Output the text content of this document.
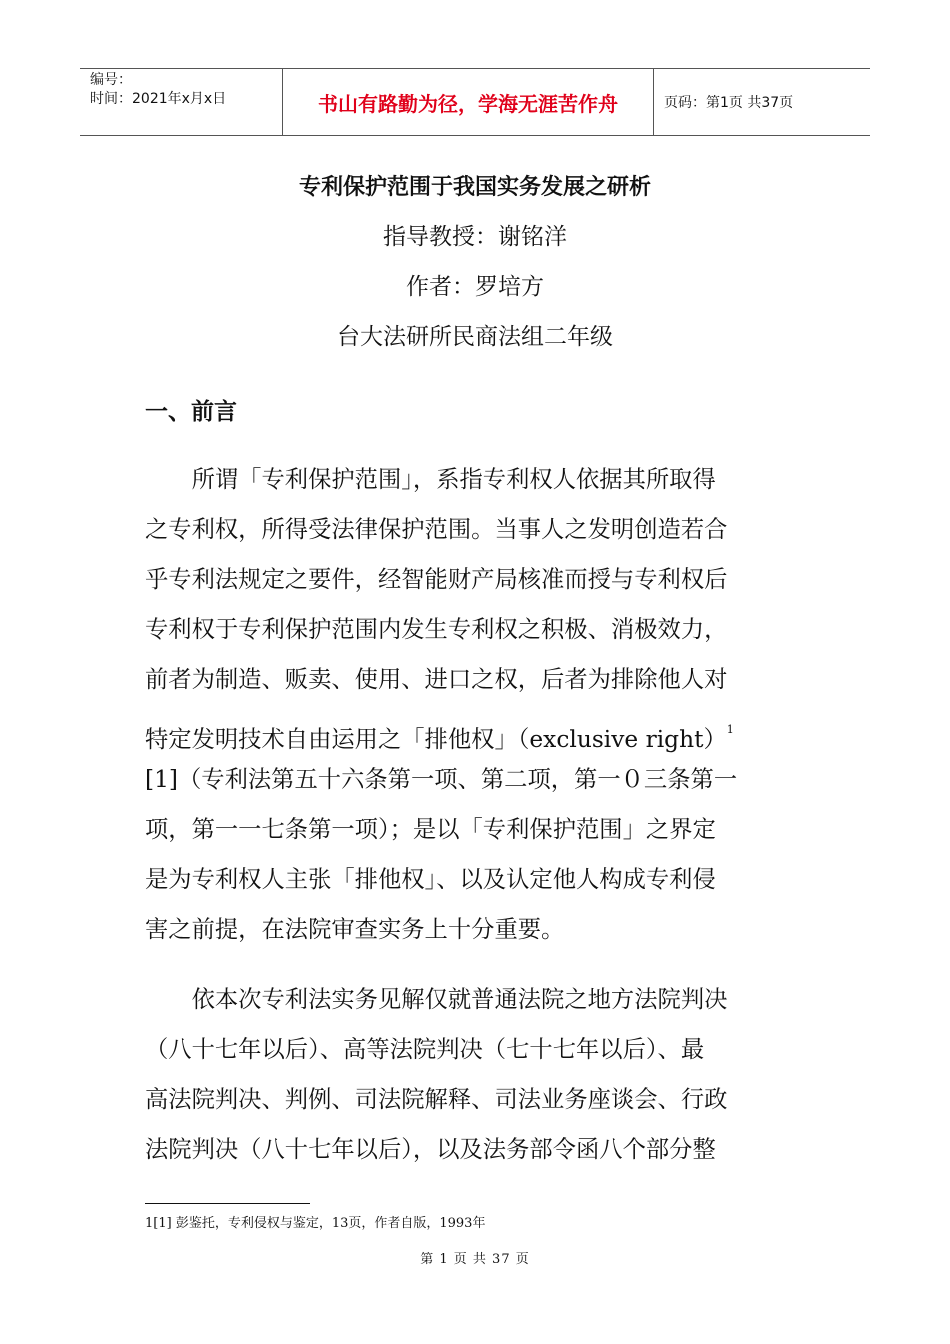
编号：
时间：2021年x月x日	书山有路勤为径，学海无涯苦作舟	页码：第1页 共37页
专利保护范围于我国实务发展之研析
指导教授：谢铭洋
作者：罗培方
台大法研所民商法组二年级
一、前言
　　所谓「专利保护范围」，系指专利权人依据其所取得
之专利权，所得受法律保护范围。当事人之发明创造若合
乎专利法规定之要件，经智能财产局核准而授与专利权后
专利权于专利保护范围内发生专利权之积极、消极效力，
前者为制造、贩卖、使用、进口之权，后者为排除他人对
特定发明技术自由运用之「排他权」（exclusive right）$^1$
[1]（专利法第五十六条第一项、第二项，第一０三条第一
项，第一一七条第一项）；是以「专利保护范围」之界定
是为专利权人主张「排他权」、以及认定他人构成专利侵
害之前提，在法院审查实务上十分重要。
　　依本次专利法实务见解仅就普通法院之地方法院判决
（八十七年以后）、高等法院判决（七十七年以后）、最
高法院判决、判例、司法院解释、司法业务座谈会、行政
法院判决（八十七年以后），以及法务部令函八个部分整
1[1] 彭鉴托，专利侵权与鉴定，13页，作者自版，1993年
第 1 页 共 37 页
